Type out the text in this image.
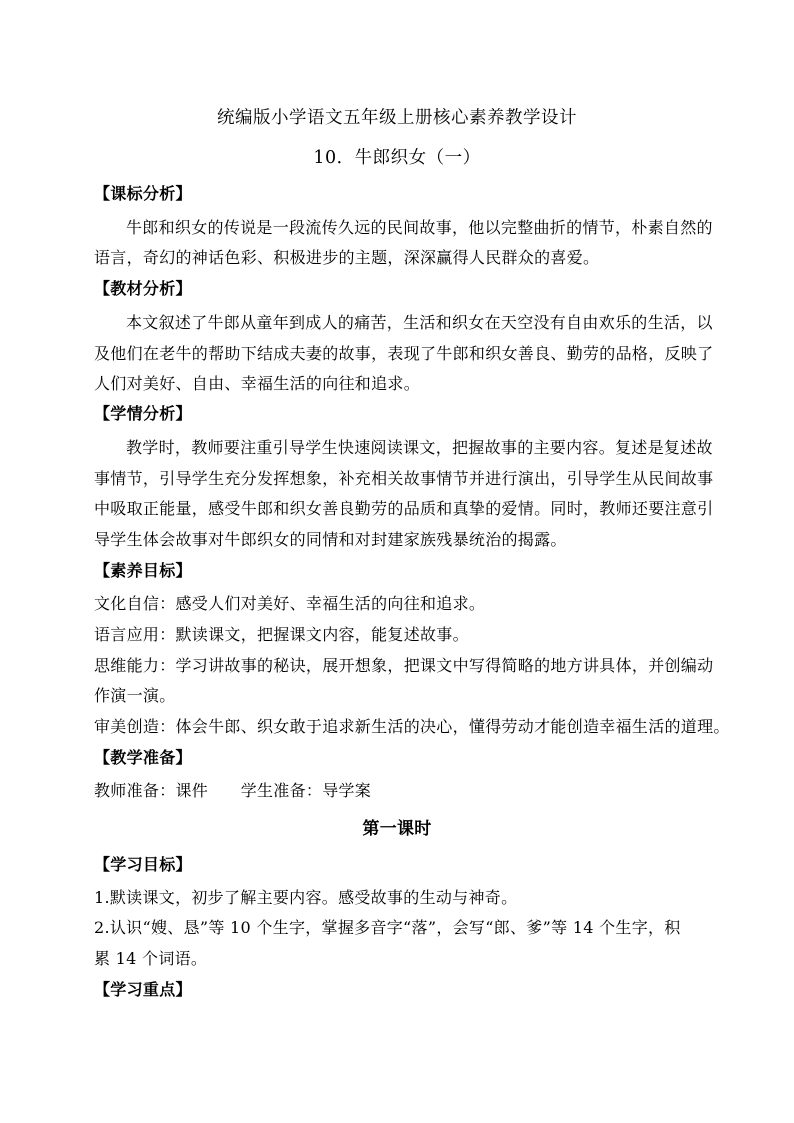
统编版小学语文五年级上册核心素养教学设计
10．牛郎织女（一）
【课标分析】
牛郎和织女的传说是一段流传久远的民间故事，他以完整曲折的情节，朴素自然的
语言，奇幻的神话色彩、积极进步的主题，深深赢得人民群众的喜爱。
【教材分析】
本文叙述了牛郎从童年到成人的痛苦，生活和织女在天空没有自由欢乐的生活，以
及他们在老牛的帮助下结成夫妻的故事，表现了牛郎和织女善良、勤劳的品格，反映了
人们对美好、自由、幸福生活的向往和追求。
【学情分析】
教学时，教师要注重引导学生快速阅读课文，把握故事的主要内容。复述是复述故
事情节，引导学生充分发挥想象，补充相关故事情节并进行演出，引导学生从民间故事
中吸取正能量，感受牛郎和织女善良勤劳的品质和真挚的爱情。同时，教师还要注意引
导学生体会故事对牛郎织女的同情和对封建家族残暴统治的揭露。
【素养目标】
文化自信：感受人们对美好、幸福生活的向往和追求。
语言应用：默读课文，把握课文内容，能复述故事。
思维能力：学习讲故事的秘诀，展开想象，把课文中写得简略的地方讲具体，并创编动
作演一演。
审美创造：体会牛郎、织女敢于追求新生活的决心，懂得劳动才能创造幸福生活的道理。
【教学准备】
教师准备：课件　　学生准备：导学案
第一课时
【学习目标】
1.默读课文，初步了解主要内容。感受故事的生动与神奇。
2.认识“嫂、恳”等 10 个生字，掌握多音字“落”，会写“郎、爹”等 14 个生字，积
累 14 个词语。
【学习重点】
